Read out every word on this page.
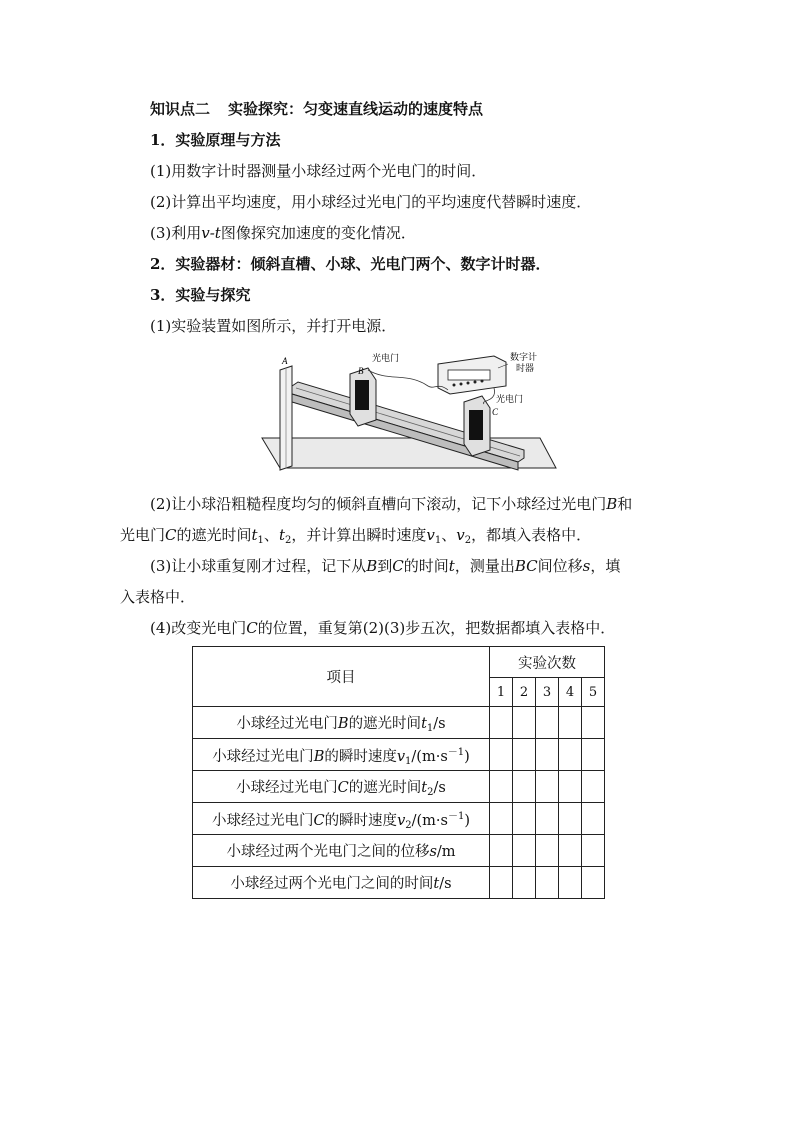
知识点二 实验探究：匀变速直线运动的速度特点
1．实验原理与方法
(1)用数字计时器测量小球经过两个光电门的时间．
(2)计算出平均速度，用小球经过光电门的平均速度代替瞬时速度．
(3)利用v-t图像探究加速度的变化情况．
2．实验器材：倾斜直槽、小球、光电门两个、数字计时器．
3．实验与探究
(1)实验装置如图所示，并打开电源．
A
B
光电门	数字计
时器
光电门
C
(2)让小球沿粗糙程度均匀的倾斜直槽向下滚动，记下小球经过光电门B和
光电门C的遮光时间$t_1$、$t_2$，并计算出瞬时速度$v_1$、$v_2$，都填入表格中．
(3)让小球重复刚才过程，记下从B到C的时间t，测量出BC间位移s，填
入表格中．
(4)改变光电门C的位置，重复第(2)(3)步五次，把数据都填入表格中．
项目	实验次数				
	1	2	3	4	5
小球经过光电门B的遮光时间$t_1/s$					
小球经过光电门B的瞬时速度$v_1/(m\cdot s^{-1})$					
小球经过光电门C的遮光时间$t_2/s$					
小球经过光电门C的瞬时速度$v_2/(m\cdot s^{-1})$					
小球经过两个光电门之间的位移s/m					
小球经过两个光电门之间的时间t/s					
